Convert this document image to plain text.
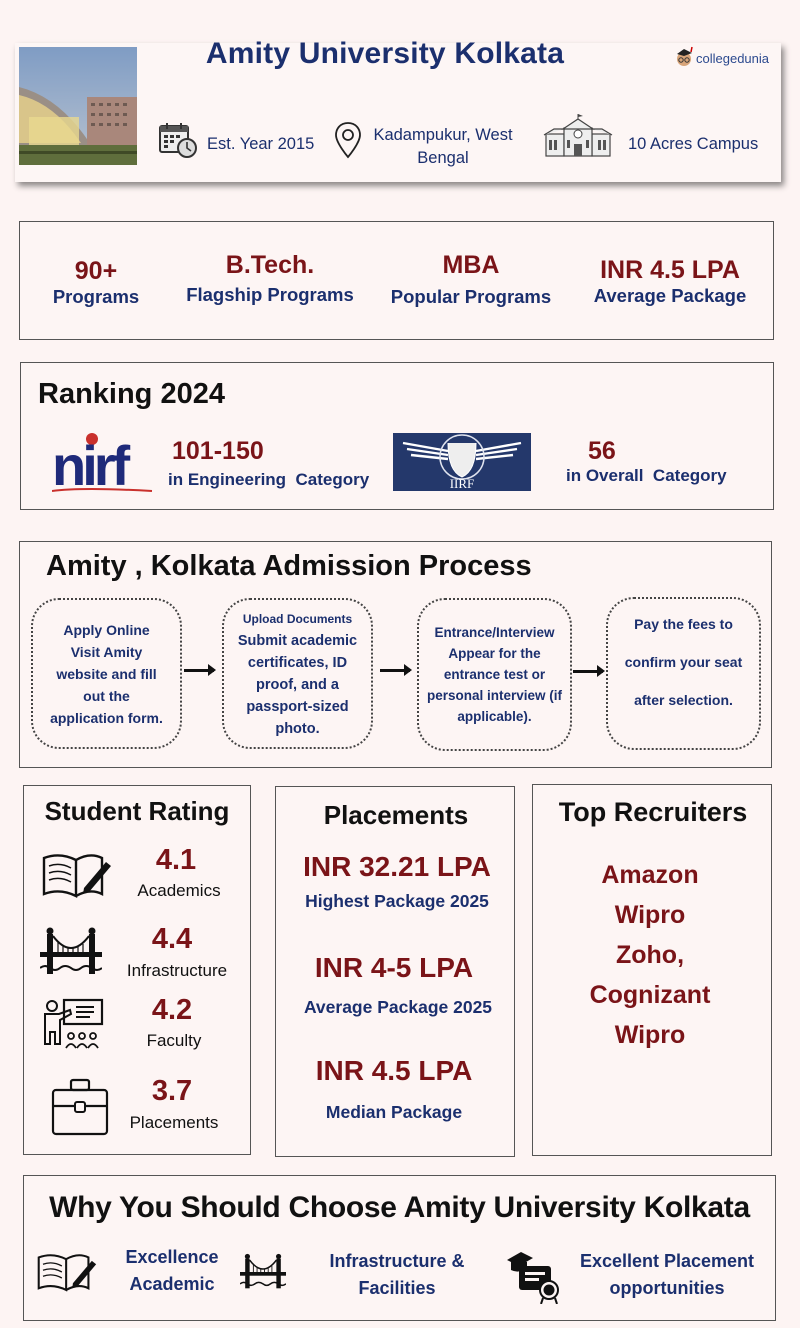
Amity University Kolkata	collegedunia
Est. Year 2015	Kadampukur, West
Bengal
10 Acres Campus
90+
Programs
B.Tech.
Flagship Programs
MBA
Popular Programs
INR 4.5 LPA
Average Package
Ranking 2024
nirf 101-150
in Engineering  Category	IIRF
56
in Overall  Category
Amity , Kolkata Admission Process
Apply Online
Visit Amity
website and fill
out the
application form.
Upload Documents
Submit academic
certificates, ID
proof, and a
passport-sized
photo.
Entrance/Interview
Appear for the
entrance test or
personal interview (if
applicable).
Pay the fees to
confirm your seat
after selection.
Student Rating
4.1
Academics
4.4
Infrastructure
4.2
Faculty
3.7
Placements
Placements
INR 32.21 LPA
Highest Package 2025
INR 4-5 LPA
Average Package 2025
INR 4.5 LPA
Median Package
Top Recruiters
Amazon
Wipro
Zoho,
Cognizant
Wipro
Why You Should Choose Amity University Kolkata
Excellence
Academic
Infrastructure &
Facilities
Excellent Placement
opportunities
